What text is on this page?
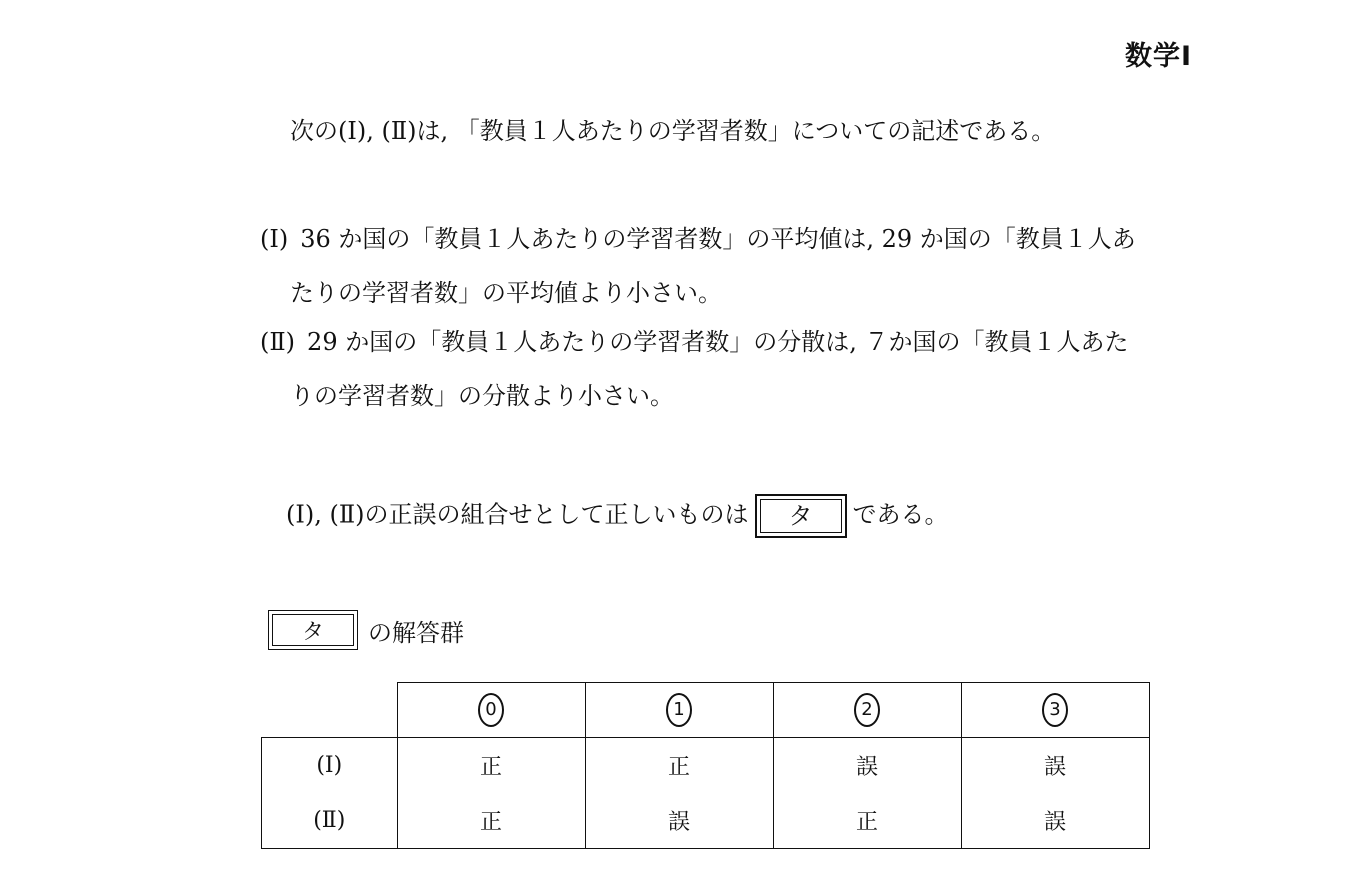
数学Ⅰ
次の(Ⅰ), (Ⅱ)は, 「教員１人あたりの学習者数」についての記述である。
(Ⅰ) 36 か国の「教員１人あたりの学習者数」の平均値は, 29 か国の「教員１人あ
たりの学習者数」の平均値より小さい。
(Ⅱ) 29 か国の「教員１人あたりの学習者数」の分散は, ７か国の「教員１人あた
りの学習者数」の分散より小さい。
(Ⅰ), (Ⅱ)の正誤の組合せとして正しいものは	タ	である。
タ	の解答群
	0	1	2	3
(Ⅰ)	正	正	誤	誤
(Ⅱ)	正	誤	正	誤
